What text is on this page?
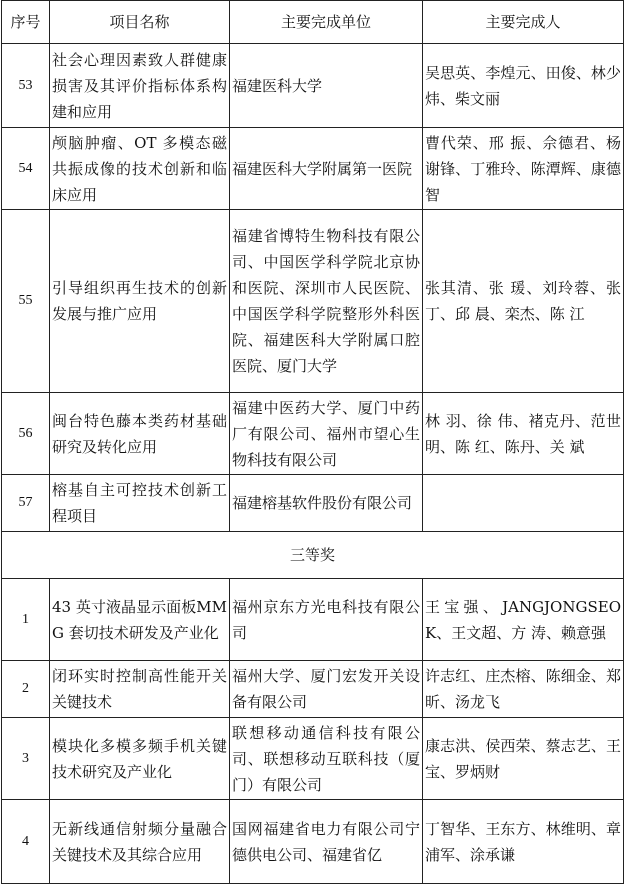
序号	项目名称	主要完成单位	主要完成人
53	社会心理因素致人群健康损害及其评价指标体系构建和应用	福建医科大学	吴思英、李煌元、田俊、林少炜、柴文丽
54	颅脑肿瘤、OT 多模态磁共振成像的技术创新和临床应用	福建医科大学附属第一医院	曹代荣、邢 振、佘德君、杨谢锋、丁雅玲、陈潭辉、康德智
55	引导组织再生技术的创新发展与推广应用	福建省博特生物科技有限公司、中国医学科学院北京协和医院、深圳市人民医院、中国医学科学院整形外科医院、福建医科大学附属口腔医院、厦门大学	张其清、张 瑗、刘玲蓉、张 丁、邱 晨、栾杰、陈 江
56	闽台特色藤本类药材基础研究及转化应用	福建中医药大学、厦门中药厂有限公司、福州市望心生物科技有限公司	林 羽、徐 伟、褚克丹、范世明、陈 红、陈丹、关 斌
57	榕基自主可控技术创新工程项目	福建榕基软件股份有限公司	
三等奖			
1	43 英寸液晶显示面板MMG 套切技术研发及产业化	福州京东方光电科技有限公司	王宝强、JANGJONGSEOK、王文超、方 涛、赖意强
2	闭环实时控制高性能开关关键技术	福州大学、厦门宏发开关设备有限公司	许志红、庄杰榕、陈细金、郑 昕、汤龙飞
3	模块化多模多频手机关键技术研究及产业化	联想移动通信科技有限公司、联想移动互联科技（厦门）有限公司	康志洪、侯西荣、蔡志艺、王 宝、罗炳财
4	无新线通信射频分量融合关键技术及其综合应用	国网福建省电力有限公司宁德供电公司、福建省亿	丁智华、王东方、林维明、章浦军、涂承谦
